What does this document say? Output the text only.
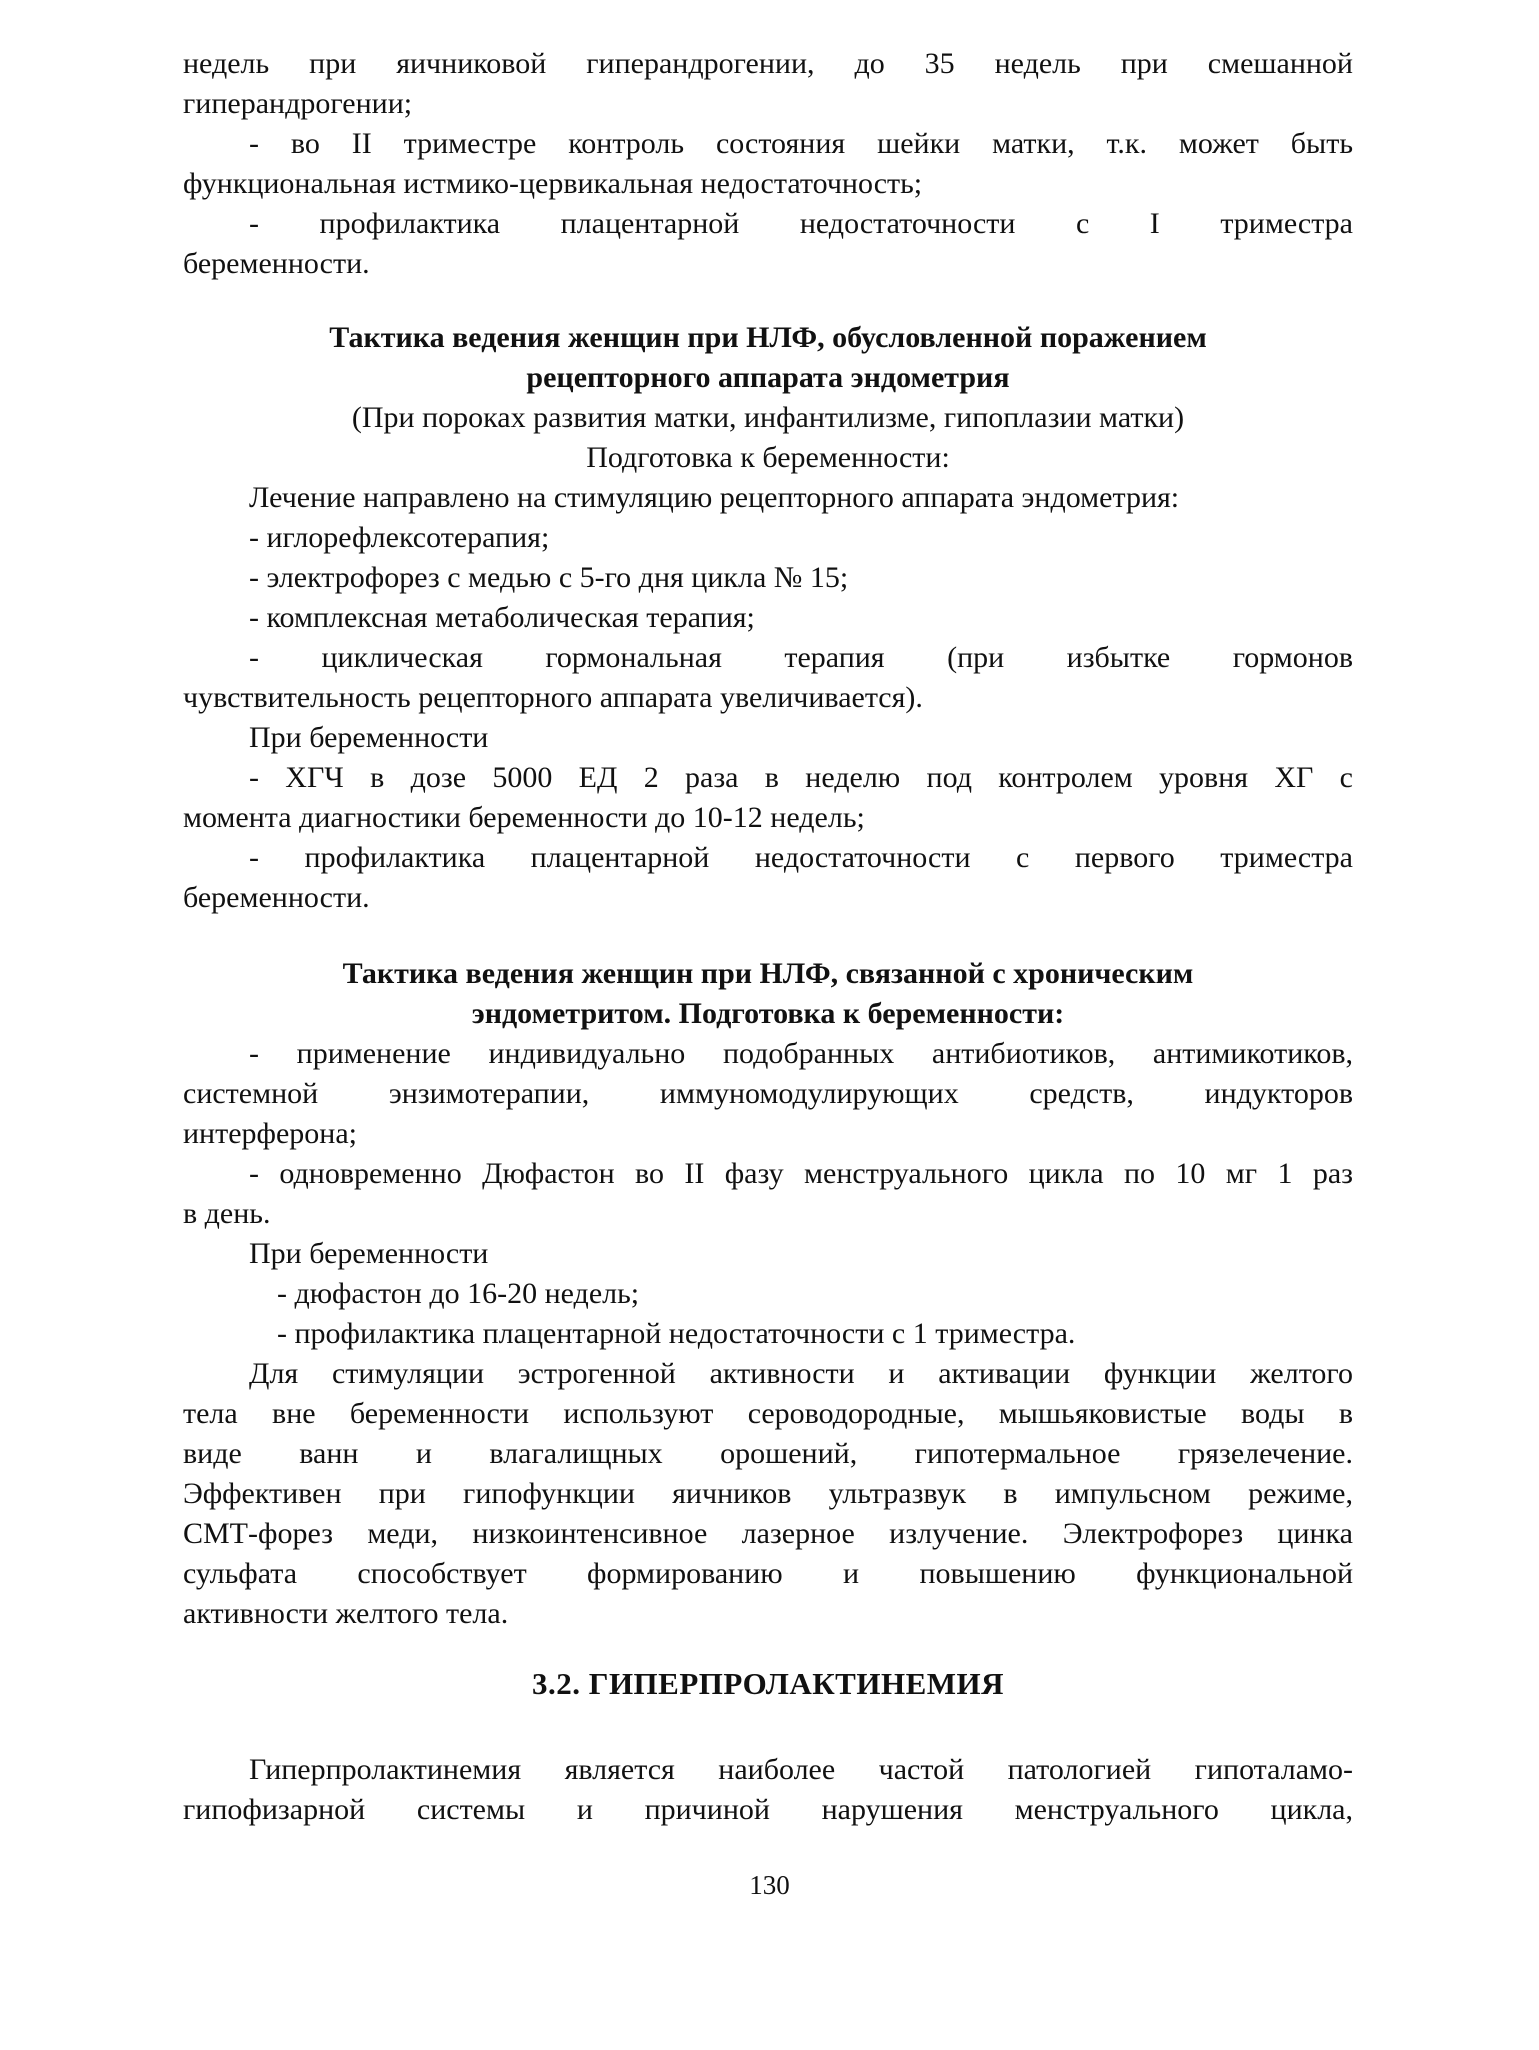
недель при яичниковой гиперандрогении, до 35 недель при смешанной

гиперандрогении;

- во II триместре контроль состояния шейки матки, т.к. может быть

функциональная истмико-цервикальная недостаточность;

- профилактика плацентарной недостаточности с I триместра

беременности.

Тактика ведения женщин при НЛФ, обусловленной поражением

рецепторного аппарата эндометрия

(При пороках развития матки, инфантилизме, гипоплазии матки)

Подготовка к беременности:

Лечение направлено на стимуляцию рецепторного аппарата эндометрия:

- иглорефлексотерапия;

- электрофорез с медью с 5-го дня цикла № 15;

- комплексная метаболическая терапия;

- циклическая гормональная терапия (при избытке гормонов

чувствительность рецепторного аппарата увеличивается).

При беременности

- ХГЧ в дозе 5000 ЕД 2 раза в неделю под контролем уровня ХГ с

момента диагностики беременности до 10-12 недель;

- профилактика плацентарной недостаточности с первого триместра

беременности.

Тактика ведения женщин при НЛФ, связанной с хроническим

эндометритом. Подготовка к беременности:

- применение индивидуально подобранных антибиотиков, антимикотиков,

системной энзимотерапии, иммуномодулирующих средств, индукторов

интерферона;

- одновременно Дюфастон во II фазу менструального цикла по 10 мг 1 раз

в день.

При беременности

- дюфастон до 16-20 недель;

- профилактика плацентарной недостаточности с 1 триместра.

Для стимуляции эстрогенной активности и активации функции желтого

тела вне беременности используют сероводородные, мышьяковистые воды в

виде ванн и влагалищных орошений, гипотермальное грязелечение.

Эффективен при гипофункции яичников ультразвук в импульсном режиме,

СМТ-форез меди, низкоинтенсивное лазерное излучение. Электрофорез цинка

сульфата способствует формированию и повышению функциональной

активности желтого тела.

3.2. ГИПЕРПРОЛАКТИНЕМИЯ

Гиперпролактинемия является наиболее частой патологией гипоталамо-

гипофизарной системы и причиной нарушения менструального цикла,

130
